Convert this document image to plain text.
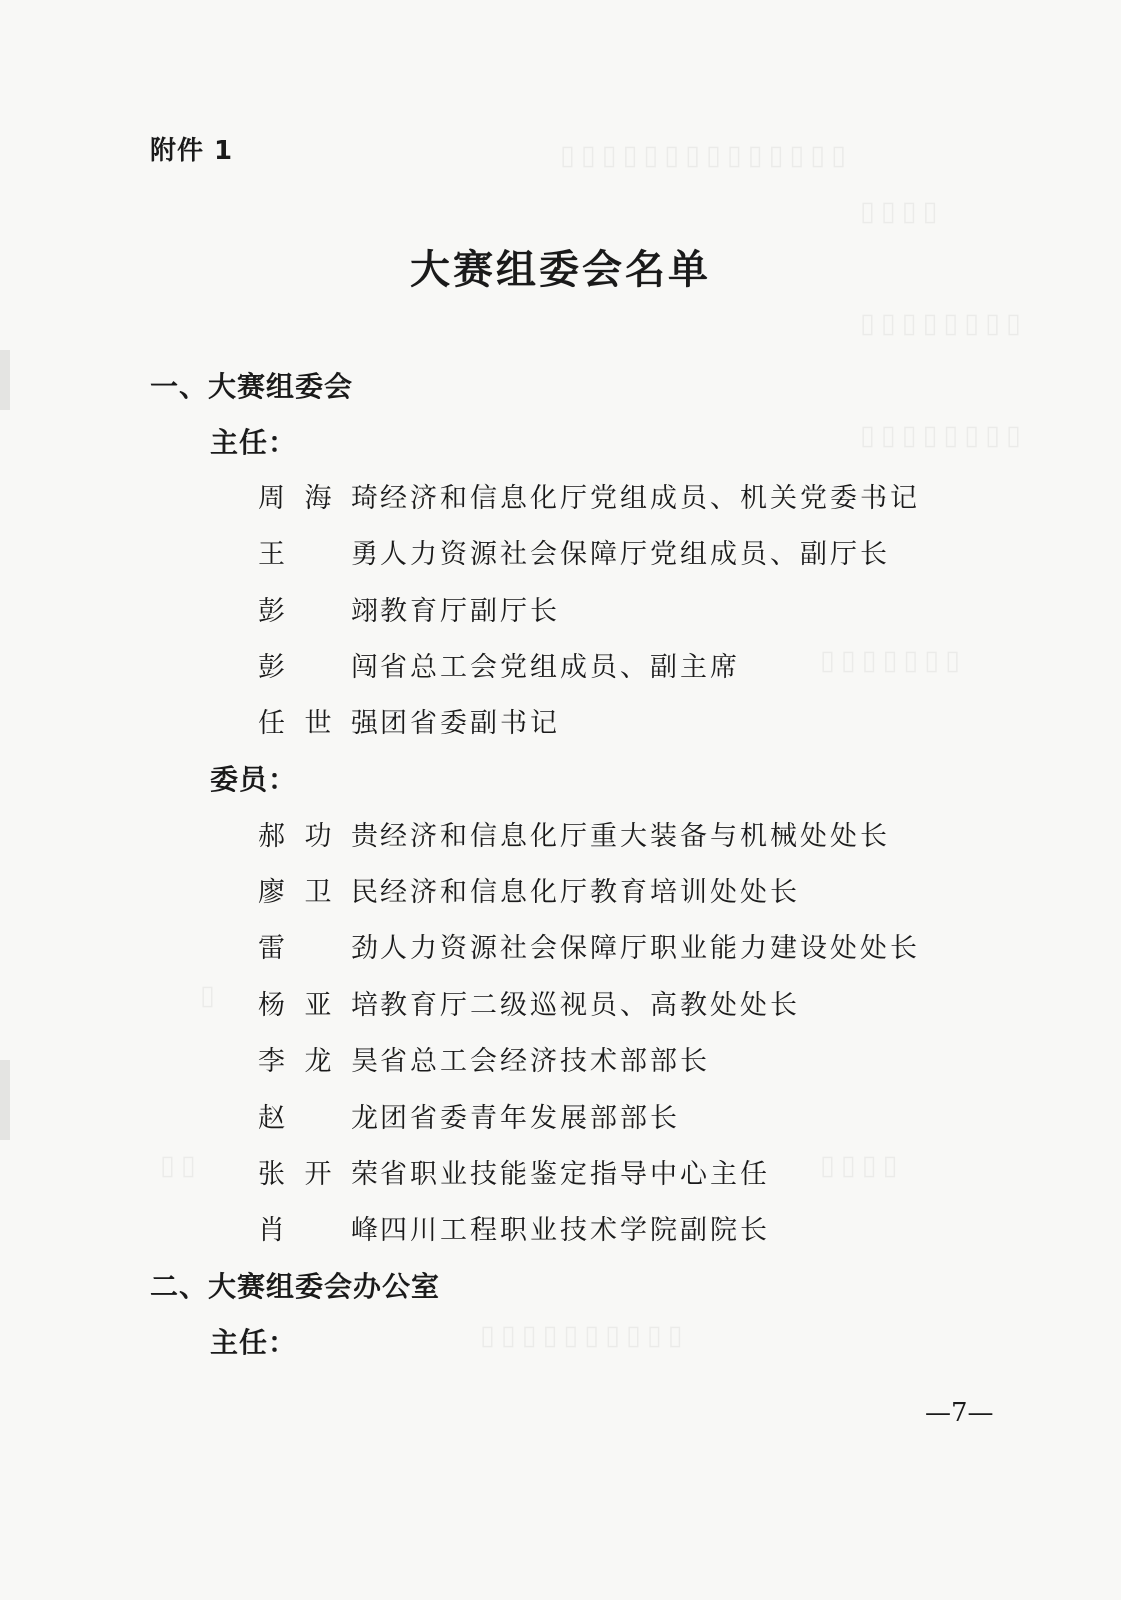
▯▯▯▯▯▯▯▯▯▯▯▯▯▯
▯▯▯▯
▯▯▯▯▯▯▯▯
▯▯▯▯▯▯▯▯
▯▯▯▯▯▯▯
▯
▯▯	▯▯▯▯
▯▯▯▯▯▯▯▯▯▯
附件 1
大赛组委会名单
一、大赛组委会
主任：
周海琦经济和信息化厅党组成员、机关党委书记
王 勇人力资源社会保障厅党组成员、副厅长
彭 翊教育厅副厅长
彭 闯省总工会党组成员、副主席
任世强团省委副书记
委员：
郝功贵经济和信息化厅重大装备与机械处处长
廖卫民经济和信息化厅教育培训处处长
雷 劲人力资源社会保障厅职业能力建设处处长
杨亚培教育厅二级巡视员、高教处处长
李龙昊省总工会经济技术部部长
赵 龙团省委青年发展部部长
张开荣省职业技能鉴定指导中心主任
肖 峰四川工程职业技术学院副院长
二、大赛组委会办公室
主任：
—7—
